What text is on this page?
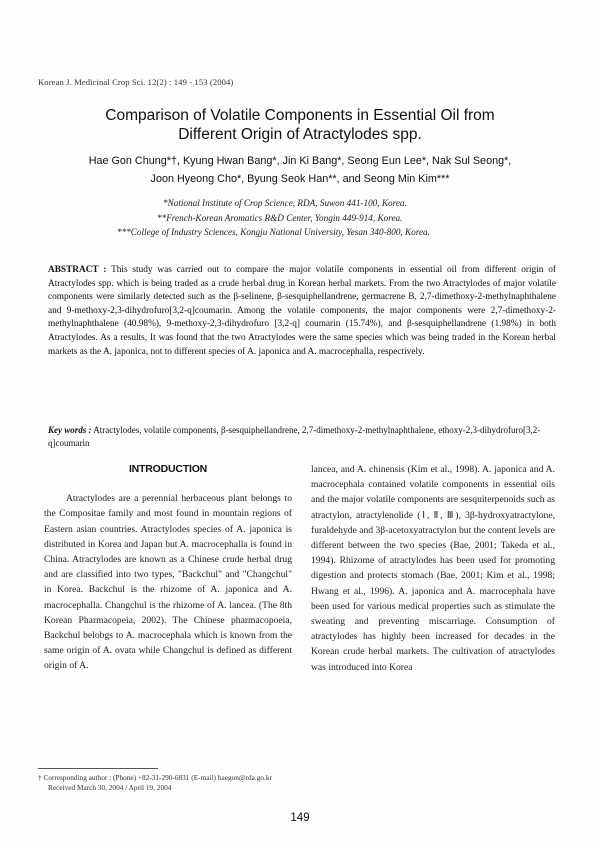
Korean J. Medicinal Crop Sci. 12(2) : 149 - 153 (2004)
Comparison of Volatile Components in Essential Oil from
Different Origin of Atractylodes spp.
Hae Gon Chung*†, Kyung Hwan Bang*, Jin Ki Bang*, Seong Eun Lee*, Nak Sul Seong*,
Joon Hyeong Cho*, Byung Seok Han**, and Seong Min Kim***
*National Institute of Crop Science, RDA, Suwon 441-100, Korea.
**French-Korean Aromatics R&D Center, Yongin 449-914, Korea.
***College of Industry Sciences, Kongju National University, Yesan 340-800, Korea.
ABSTRACT : This study was carried out to compare the major volatile components in essential oil from different origin of Atractylodes spp. which is being traded as a crude herbal drug in Korean herbal markets. From the two Atractylodes of major volatile components were similarly detected such as the β-selinene, β-sesquiphellandrene, germacrene B, 2,7-dimethoxy-2-methylnaphthalene and 9-methoxy-2,3-dihydrofuro[3,2-q]coumarin. Among the volatile components, the major components were 2,7-dimethoxy-2-methylnaphthalene (40.98%), 9-methoxy-2,3-dihydrofuro [3,2-q] coumarin (15.74%), and β-sesquiphellandrene (1.98%) in both Atractylodes. As a results, It was found that the two Atractylodes were the same species which was being traded in the Korean herbal markets as the A. japonica, not to different species of A. japonica and A. macrocephalla, respectively.
Key words : Atractylodes, volatile components, β-sesquiphellandrene, 2,7-dimethoxy-2-methylnaphthalene, ethoxy-2,3-dihydrofuro[3,2-q]coumarin
INTRODUCTION

Atractylodes are a perennial herbaceous plant belongs to the Compositae family and most found in mountain regions of Eastern asian countries. Atractylodes species of A. japonica is distributed in Korea and Japan but A. macrocephalla is found in China. Atractylodes are known as a Chinese crude herbal drug and are classified into two types, "Backchul" and "Changchul" in Korea. Backchul is the rhizome of A. japonica and A. macrocephalla. Changchul is the rhizome of A. lancea. (The 8th Korean Pharmacopeia, 2002). The Chinese pharmacopoeia, Backchul belobgs to A. macrocephala which is known from the same origin of A. ovata while Changchul is defined as different origin of A.

lancea, and A. chinensis (Kim et al., 1998). A. japonica and A. macrocephala contained volatile components in essential oils and the major volatile components are sesquiterpenoids such as atractylon, atractylenolide (Ⅰ, Ⅱ, Ⅲ), 3β-hydroxyatractylone, furaldehyde and 3β-acetoxyatractylon but the content levels are different between the two species (Bae, 2001; Takeda et al., 1994). Rhizome of atractylodes has been used for promoting digestion and protects stomach (Bae, 2001; Kim et al., 1998; Hwang et al., 1996). A. japonica and A. macrocephala have been used for various medical properties such as stimulate the sweating and preventing miscarriage. Consumption of atractylodes has highly been increased for decades in the Korean crude herbal markets. The cultivation of atractylodes was introduced into Korea

† Corresponding author : (Phone) +82-31-290-6831 (E-mail) haegon@rda.go.kr
Received March 30, 2004 / April 19, 2004
149
